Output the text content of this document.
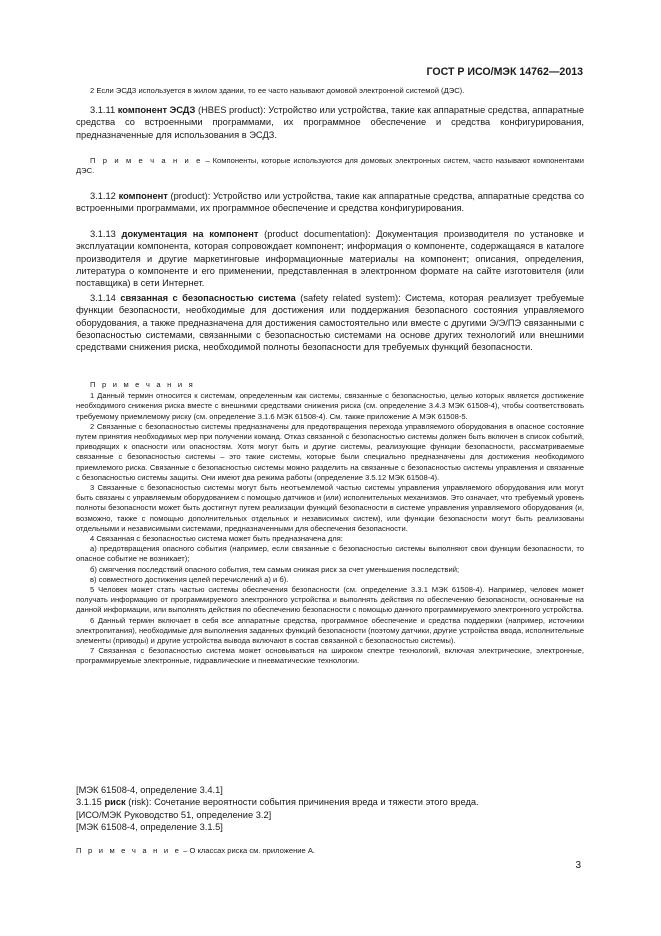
ГОСТ Р ИСО/МЭК 14762—2013

2 Если ЭСДЗ используется в жилом здании, то ее часто называют домовой электронной системой (ДЭС).

3.1.11 компонент ЭСДЗ (HBES product): Устройство или устройства, такие как аппаратные средства, аппаратные средства со встроенными программами, их программное обеспечение и средства конфигурирования, предназначенные для использования в ЭСДЗ.

П р и м е ч а н и е – Компоненты, которые используются для домовых электронных систем, часто называют компонентами ДЭС.

3.1.12 компонент (product): Устройство или устройства, такие как аппаратные средства, аппаратные средства со встроенными программами, их программное обеспечение и средства конфигурирования.

3.1.13 документация на компонент (product documentation): Документация производителя по установке и эксплуатации компонента, которая сопровождает компонент; информация о компоненте, содержащаяся в каталоге производителя и другие маркетинговые информационные материалы на компонент; описания, определения, литература о компоненте и его применении, представленная в электронном формате на сайте изготовителя (или поставщика) в сети Интернет.

3.1.14 связанная с безопасностью система (safety related system): Система, которая реализует требуемые функции безопасности, необходимые для достижения или поддержания безопасного состояния управляемого оборудования, а также предназначена для достижения самостоятельно или вместе с другими Э/Э/ПЭ связанными с безопасностью системами, связанными с безопасностью системами на основе других технологий или внешними средствами снижения риска, необходимой полноты безопасности для требуемых функций безопасности.

П р и м е ч а н и я

1 Данный термин относится к системам, определенным как системы, связанные с безопасностью, целью которых является достижение необходимого снижения риска вместе с внешними средствами снижения риска (см. определение 3.4.3 МЭК 61508-4), чтобы соответствовать требуемому приемлемому риску (см. определение 3.1.6 МЭК 61508-4). См. также приложение А МЭК 61508-5.

2 Связанные с безопасностью системы предназначены для предотвращения перехода управляемого оборудования в опасное состояние путем принятия необходимых мер при получении команд. Отказ связанной с безопасностью системы должен быть включен в список событий, приводящих к опасности или опасностям. Хотя могут быть и другие системы, реализующие функции безопасности, рассматриваемые связанные с безопасностью системы – это такие системы, которые были специально предназначены для достижения необходимого приемлемого риска. Связанные с безопасностью системы можно разделить на связанные с безопасностью системы управления и связанные с безопасностью системы защиты. Они имеют два режима работы (определение 3.5.12 МЭК 61508-4).

3 Связанные с безопасностью системы могут быть неотъемлемой частью системы управления управляемого оборудования или могут быть связаны с управляемым оборудованием с помощью датчиков и (или) исполнительных механизмов. Это означает, что требуемый уровень полноты безопасности может быть достигнут путем реализации функций безопасности в системе управления управляемого оборудования (и, возможно, также с помощью дополнительных отдельных и независимых систем), или функции безопасности могут быть реализованы отдельными и независимыми системами, предназначенными для обеспечения безопасности.

4 Связанная с безопасностью система может быть предназначена для:

а) предотвращения опасного события (например, если связанные с безопасностью системы выполняют свои функции безопасности, то опасное событие не возникает);

б) смягчения последствий опасного события, тем самым снижая риск за счет уменьшения последствий;

в) совместного достижения целей перечислений а) и б).

5 Человек может стать частью системы обеспечения безопасности (см. определение 3.3.1 МЭК 61508-4). Например, человек может получать информацию от программируемого электронного устройства и выполнять действия по обеспечению безопасности, основанные на данной информации, или выполнять действия по обеспечению безопасности с помощью данного программируемого электронного устройства.

6 Данный термин включает в себя все аппаратные средства, программное обеспечение и средства поддержки (например, источники электропитания), необходимые для выполнения заданных функций безопасности (поэтому датчики, другие устройства ввода, исполнительные элементы (приводы) и другие устройства вывода включают в состав связанной с безопасностью системы).

7 Связанная с безопасностью система может основываться на широком спектре технологий, включая электрические, электронные, программируемые электронные, гидравлические и пневматические технологии.

[МЭК 61508-4, определение 3.4.1]

3.1.15 риск (risk): Сочетание вероятности события причинения вреда и тяжести этого вреда.

[ИСО/МЭК Руководство 51, определение 3.2]

[МЭК 61508-4, определение 3.1.5]

П р и м е ч а н и е – О классах риска см. приложение А.

3
